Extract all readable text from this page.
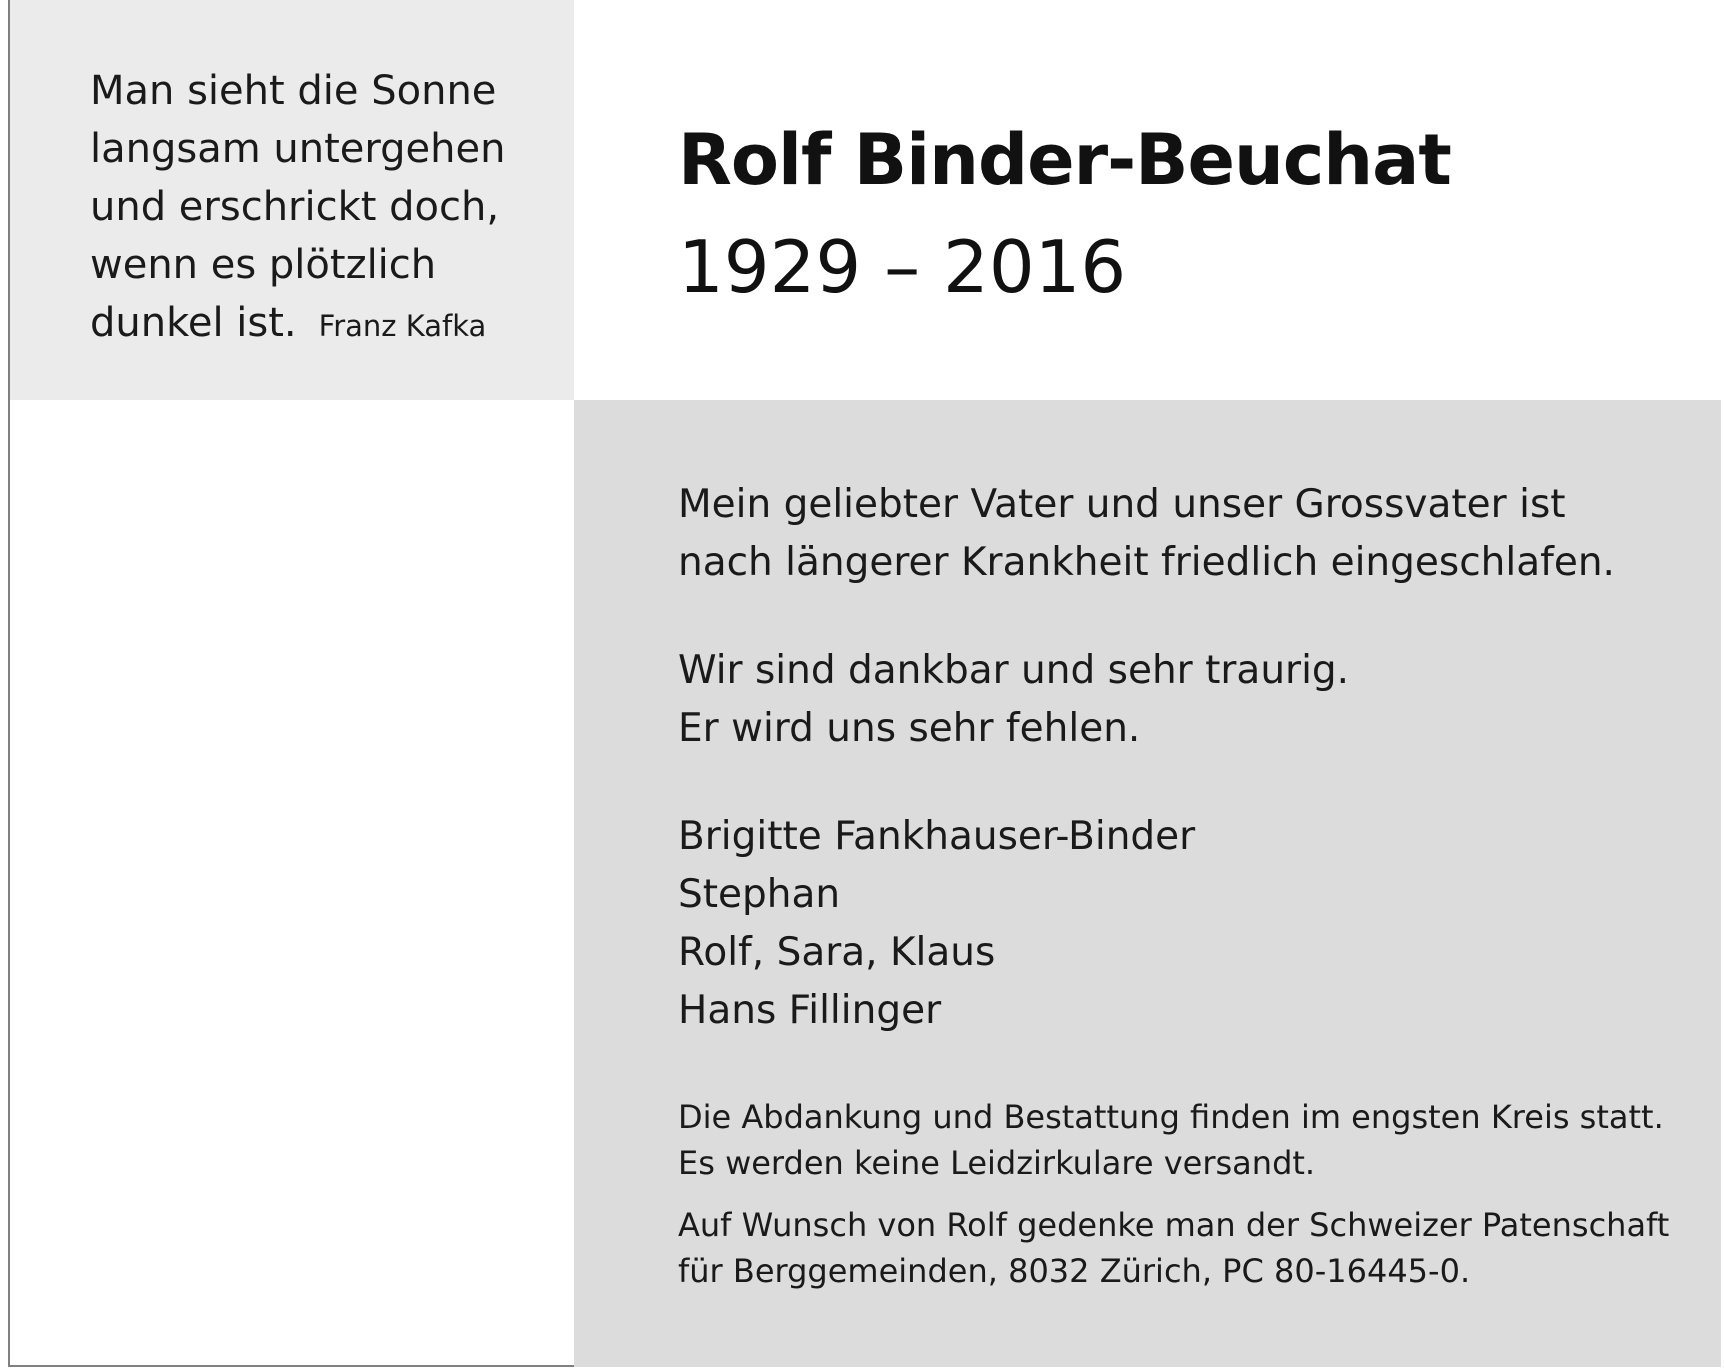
Man sieht die Sonne
langsam untergehen
und erschrickt doch,
wenn es plötzlich
dunkel ist. Franz Kafka
Rolf Binder-Beuchat
1929 – 2016
Mein geliebter Vater und unser Grossvater ist
nach längerer Krankheit friedlich eingeschlafen.
Wir sind dankbar und sehr traurig.
Er wird uns sehr fehlen.
Brigitte Fankhauser-Binder
Stephan
Rolf, Sara, Klaus
Hans Fillinger
Die Abdankung und Bestattung finden im engsten Kreis statt.
Es werden keine Leidzirkulare versandt.
Auf Wunsch von Rolf gedenke man der Schweizer Patenschaft
für Berggemeinden, 8032 Zürich, PC 80-16445-0.
